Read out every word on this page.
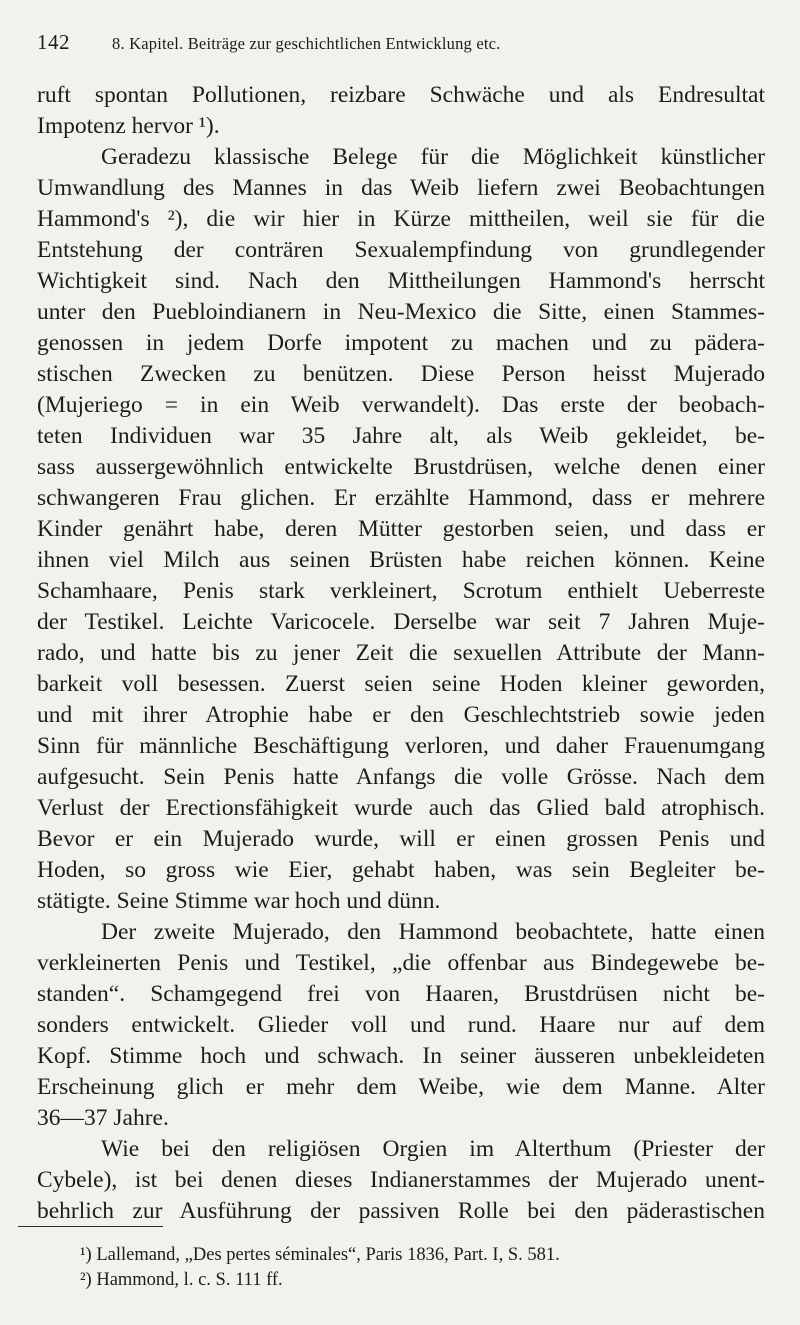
142	8. Kapitel. Beiträge zur geschichtlichen Entwicklung etc.
ruft spontan Pollutionen, reizbare Schwäche und als Endresultat
Impotenz hervor ¹).
Geradezu klassische Belege für die Möglichkeit künstlicher
Umwandlung des Mannes in das Weib liefern zwei Beobachtungen
Hammond's ²), die wir hier in Kürze mittheilen, weil sie für die
Entstehung der conträren Sexualempfindung von grundlegender
Wichtigkeit sind. Nach den Mittheilungen Hammond's herrscht
unter den Puebloindianern in Neu-Mexico die Sitte, einen Stammes-
genossen in jedem Dorfe impotent zu machen und zu pädera-
stischen Zwecken zu benützen. Diese Person heisst Mujerado
(Mujeriego = in ein Weib verwandelt). Das erste der beobach-
teten Individuen war 35 Jahre alt, als Weib gekleidet, be-
sass aussergewöhnlich entwickelte Brustdrüsen, welche denen einer
schwangeren Frau glichen. Er erzählte Hammond, dass er mehrere
Kinder genährt habe, deren Mütter gestorben seien, und dass er
ihnen viel Milch aus seinen Brüsten habe reichen können. Keine
Schamhaare, Penis stark verkleinert, Scrotum enthielt Ueberreste
der Testikel. Leichte Varicocele. Derselbe war seit 7 Jahren Muje-
rado, und hatte bis zu jener Zeit die sexuellen Attribute der Mann-
barkeit voll besessen. Zuerst seien seine Hoden kleiner geworden,
und mit ihrer Atrophie habe er den Geschlechtstrieb sowie jeden
Sinn für männliche Beschäftigung verloren, und daher Frauenumgang
aufgesucht. Sein Penis hatte Anfangs die volle Grösse. Nach dem
Verlust der Erectionsfähigkeit wurde auch das Glied bald atrophisch.
Bevor er ein Mujerado wurde, will er einen grossen Penis und
Hoden, so gross wie Eier, gehabt haben, was sein Begleiter be-
stätigte. Seine Stimme war hoch und dünn.
Der zweite Mujerado, den Hammond beobachtete, hatte einen
verkleinerten Penis und Testikel, „die offenbar aus Bindegewebe be-
standen“. Schamgegend frei von Haaren, Brustdrüsen nicht be-
sonders entwickelt. Glieder voll und rund. Haare nur auf dem
Kopf. Stimme hoch und schwach. In seiner äusseren unbekleideten
Erscheinung glich er mehr dem Weibe, wie dem Manne. Alter
36—37 Jahre.
Wie bei den religiösen Orgien im Alterthum (Priester der
Cybele), ist bei denen dieses Indianerstammes der Mujerado unent-
behrlich zur Ausführung der passiven Rolle bei den päderastischen
¹) Lallemand, „Des pertes séminales“, Paris 1836, Part. I, S. 581.
²) Hammond, l. c. S. 111 ff.
